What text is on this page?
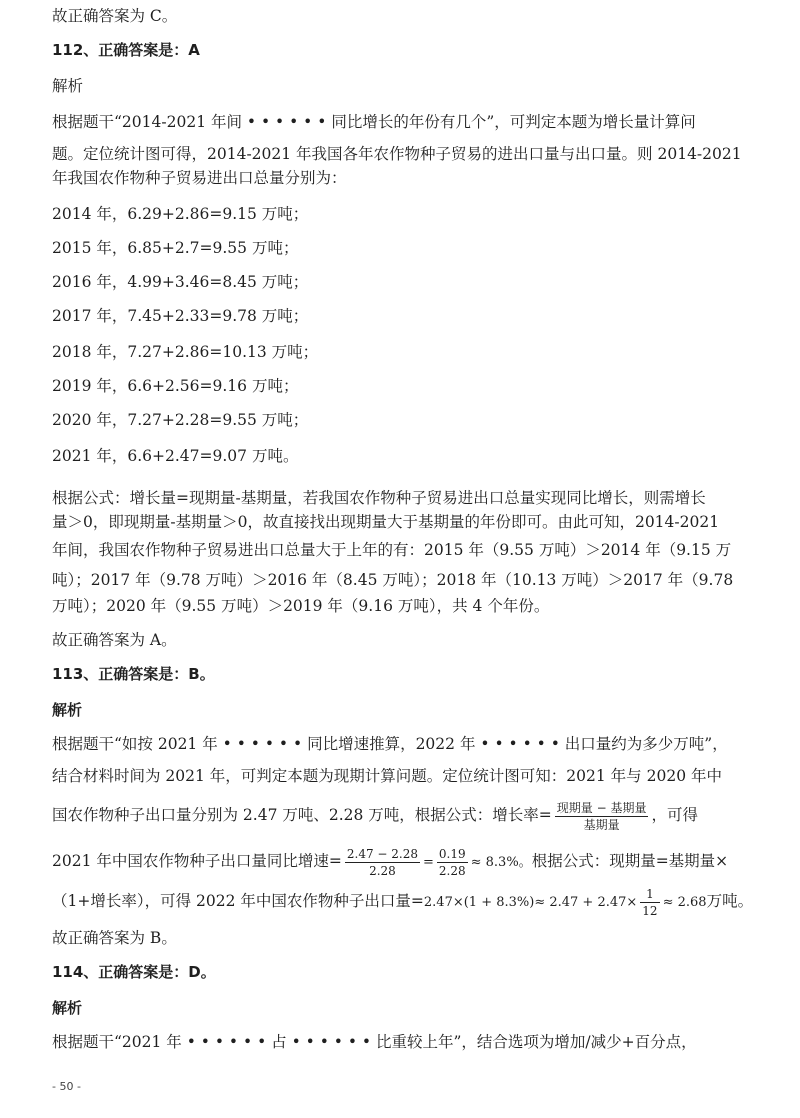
故正确答案为 C。
112、正确答案是：A
解析
根据题干“2014-2021 年间 • • • • • • 同比增长的年份有几个”，可判定本题为增长量计算问
题。定位统计图可得，2014-2021 年我国各年农作物种子贸易的进出口量与出口量。则 2014-2021
年我国农作物种子贸易进出口总量分别为：
2014 年，6.29+2.86=9.15 万吨；
2015 年，6.85+2.7=9.55 万吨；
2016 年，4.99+3.46=8.45 万吨；
2017 年，7.45+2.33=9.78 万吨；
2018 年，7.27+2.86=10.13 万吨；
2019 年，6.6+2.56=9.16 万吨；
2020 年，7.27+2.28=9.55 万吨；
2021 年，6.6+2.47=9.07 万吨。
根据公式：增长量=现期量-基期量，若我国农作物种子贸易进出口总量实现同比增长，则需增长
量＞0，即现期量-基期量＞0，故直接找出现期量大于基期量的年份即可。由此可知，2014-2021
年间，我国农作物种子贸易进出口总量大于上年的有：2015 年（9.55 万吨）＞2014 年（9.15 万
吨）；2017 年（9.78 万吨）＞2016 年（8.45 万吨）；2018 年（10.13 万吨）＞2017 年（9.78
万吨）；2020 年（9.55 万吨）＞2019 年（9.16 万吨），共 4 个年份。
故正确答案为 A。
113、正确答案是：B。
解析
根据题干“如按 2021 年 • • • • • • 同比增速推算，2022 年 • • • • • • 出口量约为多少万吨”，
结合材料时间为 2021 年，可判定本题为现期计算问题。定位统计图可知：2021 年与 2020 年中
国农作物种子出口量分别为 2.47 万吨、2.28 万吨，根据公式：增长率= $\frac{\text{现期量 − 基期量}}{\text{基期量}}$ ，可得
2021 年中国农作物种子出口量同比增速= $\frac{2.47 - 2.28}{2.28} = \frac{0.19}{2.28} \approx 8.3\%$。根据公式：现期量=基期量×
（1+增长率），可得 2022 年中国农作物种子出口量$=2.47\times(1 + 8.3\%)\approx 2.47 + 2.47\times \frac{1}{12} \approx 2.68$万吨。
故正确答案为 B。
114、正确答案是：D。
解析
根据题干“2021 年 • • • • • • 占 • • • • • • 比重较上年”，结合选项为增加/减少+百分点，
- 50 -
